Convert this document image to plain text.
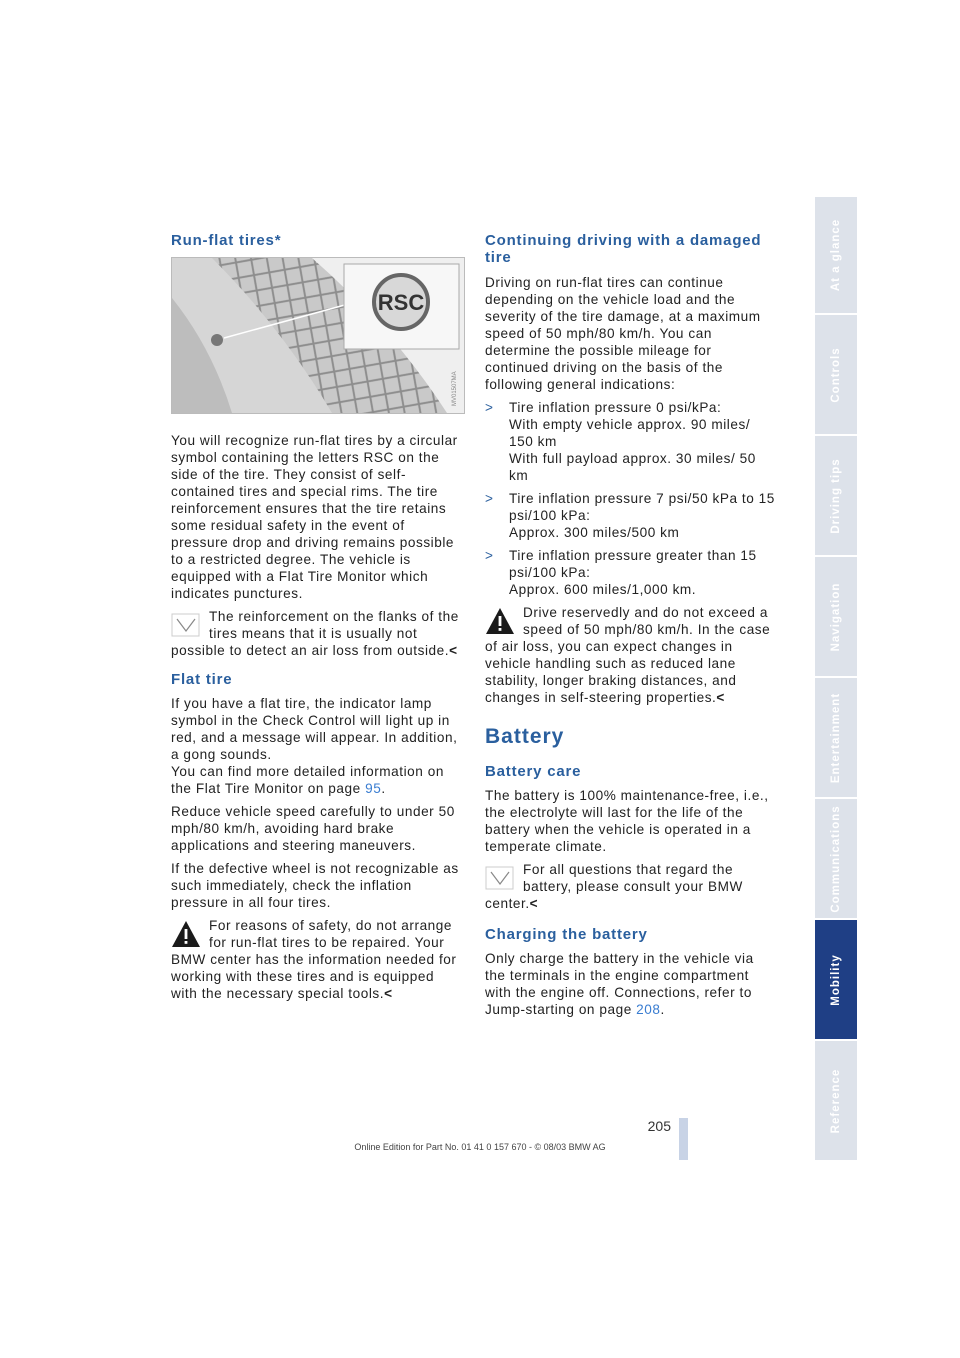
Run-flat tires*
RSC
MV01507MA

You will recognize run-flat tires by a circular symbol containing the letters RSC on the side of the tire. They consist of self-contained tires and special rims. The tire reinforcement ensures that the tire retains some residual safety in the event of pressure drop and driving remains possible to a restricted degree. The vehicle is equipped with a Flat Tire Monitor which indicates punctures.

The reinforcement on the flanks of the tires means that it is usually not possible to detect an air loss from outside.<
Flat tire

If you have a flat tire, the indicator lamp symbol in the Check Control will light up in red, and a message will appear. In addition, a gong sounds.

You can find more detailed information on the Flat Tire Monitor on page 95.

Reduce vehicle speed carefully to under 50 mph/80 km/h, avoiding hard brake applications and steering maneuvers.

If the defective wheel is not recognizable as such immediately, check the inflation pressure in all four tires.

For reasons of safety, do not arrange for run-flat tires to be repaired. Your BMW center has the information needed for working with these tires and is equipped with the necessary special tools.<
Continuing driving with a damaged tire

Driving on run-flat tires can continue depending on the vehicle load and the severity of the tire damage, at a maximum speed of 50 mph/80 km/h. You can determine the possible mileage for continued driving on the basis of the following general indications:

>	Tire inflation pressure 0 psi/kPa:
With empty vehicle approx. 90 miles/ 150 km
With full payload approx. 30 miles/ 50 km
>	Tire inflation pressure 7 psi/50 kPa to 15 psi/100 kPa:
Approx. 300 miles/500 km
>	Tire inflation pressure greater than 15 psi/100 kPa:
Approx. 600 miles/1,000 km.
Drive reservedly and do not exceed a speed of 50 mph/80 km/h. In the case of air loss, you can expect changes in vehicle handling such as reduced lane stability, longer braking distances, and changes in self-steering properties.<
Battery
Battery care

The battery is 100% maintenance-free, i.e., the electrolyte will last for the life of the battery when the vehicle is operated in a temperate climate.

For all questions that regard the battery, please consult your BMW center.<
Charging the battery

Only charge the battery in the vehicle via the terminals in the engine compartment with the engine off. Connections, refer to Jump-starting on page 208.

At a glance
Controls
Driving tips
Navigation
Entertainment
Communications
Mobility
Reference
205
Online Edition for Part No. 01 41 0 157 670 - © 08/03 BMW AG
